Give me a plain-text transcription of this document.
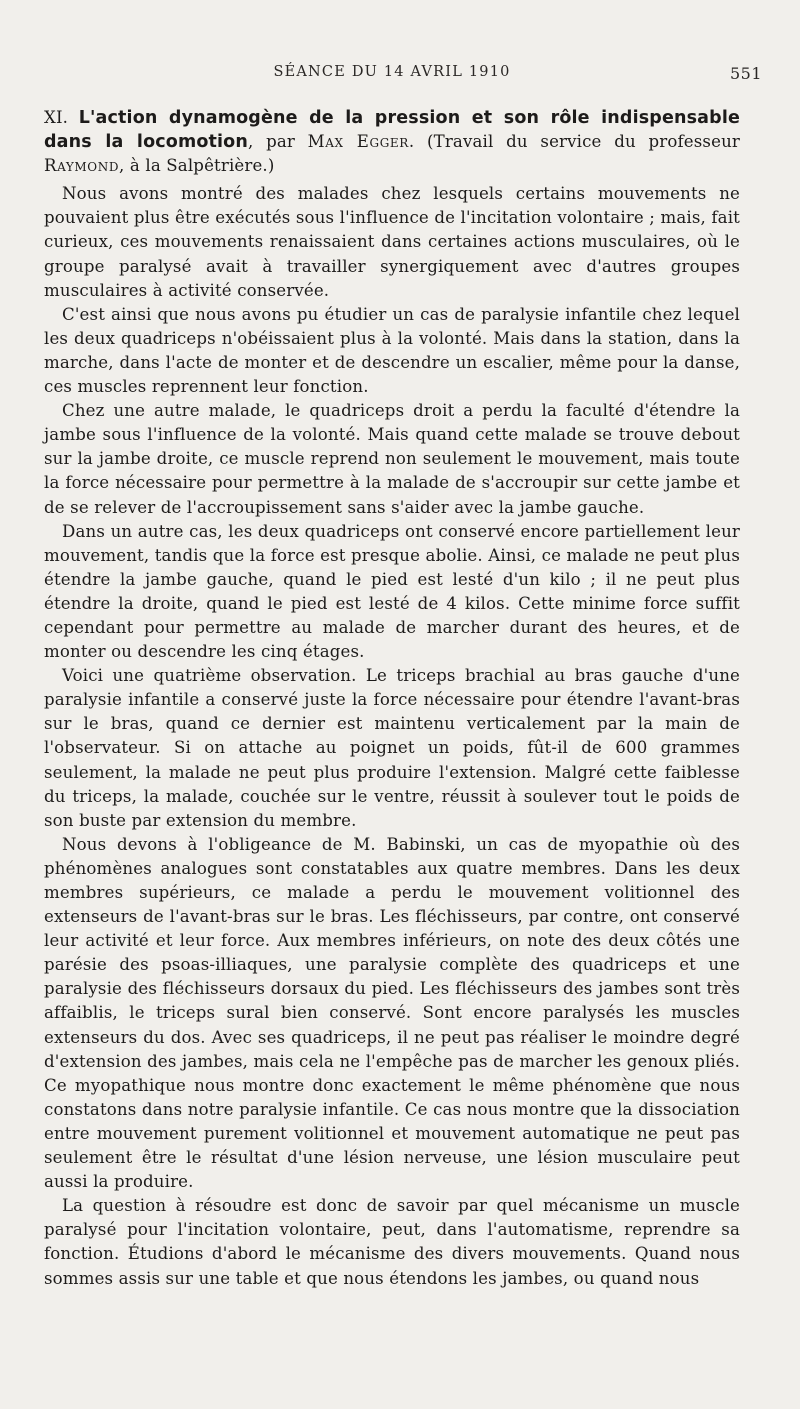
SÉANCE DU 14 AVRIL 1910	551

XI. L'action dynamogène de la pression et son rôle indispensable dans la locomotion, par Max Egger. (Travail du service du professeur Raymond, à la Salpêtrière.)

Nous avons montré des malades chez lesquels certains mouvements ne pouvaient plus être exécutés sous l'influence de l'incitation volontaire ; mais, fait curieux, ces mouvements renaissaient dans certaines actions musculaires, où le groupe paralysé avait à travailler synergiquement avec d'autres groupes musculaires à activité conservée.

C'est ainsi que nous avons pu étudier un cas de paralysie infantile chez lequel les deux quadriceps n'obéissaient plus à la volonté. Mais dans la station, dans la marche, dans l'acte de monter et de descendre un escalier, même pour la danse, ces muscles reprennent leur fonction.

Chez une autre malade, le quadriceps droit a perdu la faculté d'étendre la jambe sous l'influence de la volonté. Mais quand cette malade se trouve debout sur la jambe droite, ce muscle reprend non seulement le mouvement, mais toute la force nécessaire pour permettre à la malade de s'accroupir sur cette jambe et de se relever de l'accroupissement sans s'aider avec la jambe gauche.

Dans un autre cas, les deux quadriceps ont conservé encore partiellement leur mouvement, tandis que la force est presque abolie. Ainsi, ce malade ne peut plus étendre la jambe gauche, quand le pied est lesté d'un kilo ; il ne peut plus étendre la droite, quand le pied est lesté de 4 kilos. Cette minime force suffit cependant pour permettre au malade de marcher durant des heures, et de monter ou descendre les cinq étages.

Voici une quatrième observation. Le triceps brachial au bras gauche d'une paralysie infantile a conservé juste la force nécessaire pour étendre l'avant-bras sur le bras, quand ce dernier est maintenu verticalement par la main de l'observateur. Si on attache au poignet un poids, fût-il de 600 grammes seulement, la malade ne peut plus produire l'extension. Malgré cette faiblesse du triceps, la malade, couchée sur le ventre, réussit à soulever tout le poids de son buste par extension du membre.

Nous devons à l'obligeance de M. Babinski, un cas de myopathie où des phénomènes analogues sont constatables aux quatre membres. Dans les deux membres supérieurs, ce malade a perdu le mouvement volitionnel des extenseurs de l'avant-bras sur le bras. Les fléchisseurs, par contre, ont conservé leur activité et leur force. Aux membres inférieurs, on note des deux côtés une parésie des psoas-illiaques, une paralysie complète des quadriceps et une paralysie des fléchisseurs dorsaux du pied. Les fléchisseurs des jambes sont très affaiblis, le triceps sural bien conservé. Sont encore paralysés les muscles extenseurs du dos. Avec ses quadriceps, il ne peut pas réaliser le moindre degré d'extension des jambes, mais cela ne l'empêche pas de marcher les genoux pliés. Ce myopathique nous montre donc exactement le même phénomène que nous constatons dans notre paralysie infantile. Ce cas nous montre que la dissociation entre mouvement purement volitionnel et mouvement automatique ne peut pas seulement être le résultat d'une lésion nerveuse, une lésion musculaire peut aussi la produire.

La question à résoudre est donc de savoir par quel mécanisme un muscle paralysé pour l'incitation volontaire, peut, dans l'automatisme, reprendre sa fonction. Étudions d'abord le mécanisme des divers mouvements. Quand nous sommes assis sur une table et que nous étendons les jambes, ou quand nous
